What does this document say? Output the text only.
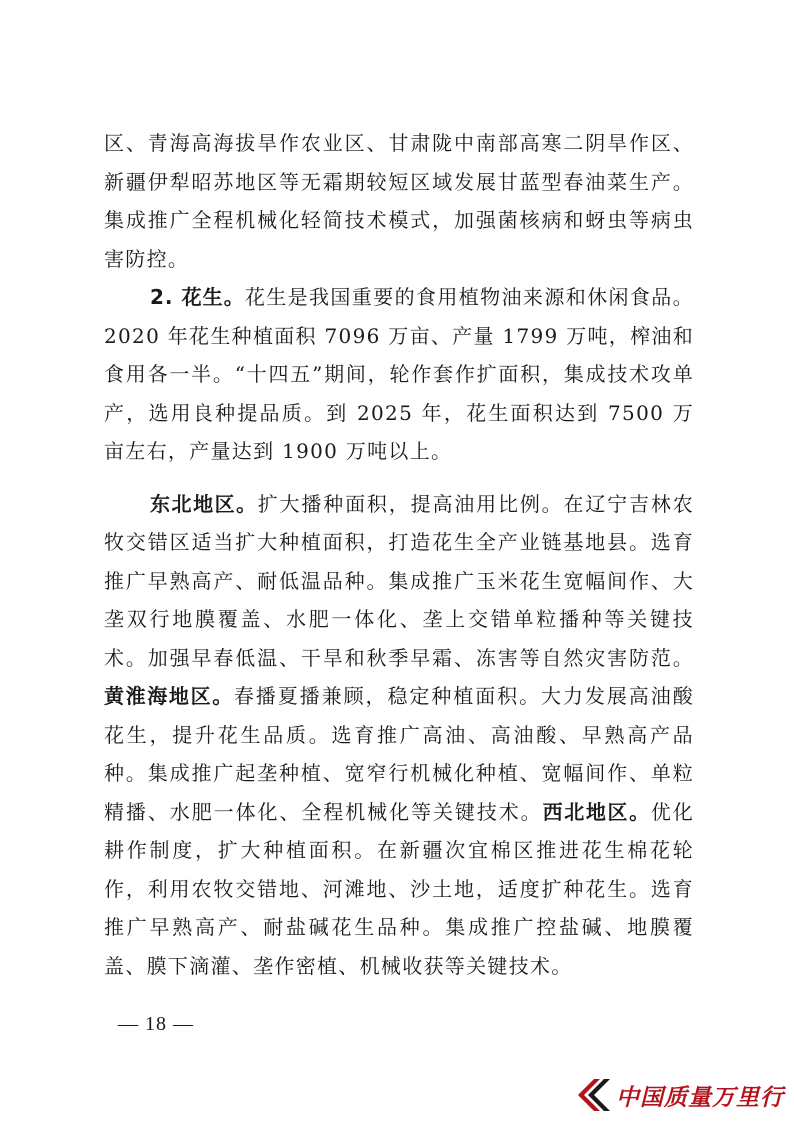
区、青海高海拔旱作农业区、甘肃陇中南部高寒二阴旱作区、新疆伊犁昭苏地区等无霜期较短区域发展甘蓝型春油菜生产。集成推广全程机械化轻简技术模式，加强菌核病和蚜虫等病虫害防控。

2. 花生。花生是我国重要的食用植物油来源和休闲食品。2020 年花生种植面积 7096 万亩、产量 1799 万吨，榨油和食用各一半。“十四五”期间，轮作套作扩面积，集成技术攻单产，选用良种提品质。到 2025 年，花生面积达到 7500 万亩左右，产量达到 1900 万吨以上。

东北地区。扩大播种面积，提高油用比例。在辽宁吉林农牧交错区适当扩大种植面积，打造花生全产业链基地县。选育推广早熟高产、耐低温品种。集成推广玉米花生宽幅间作、大垄双行地膜覆盖、水肥一体化、垄上交错单粒播种等关键技术。加强早春低温、干旱和秋季早霜、冻害等自然灾害防范。黄淮海地区。春播夏播兼顾，稳定种植面积。大力发展高油酸花生，提升花生品质。选育推广高油、高油酸、早熟高产品种。集成推广起垄种植、宽窄行机械化种植、宽幅间作、单粒精播、水肥一体化、全程机械化等关键技术。西北地区。优化耕作制度，扩大种植面积。在新疆次宜棉区推进花生棉花轮作，利用农牧交错地、河滩地、沙土地，适度扩种花生。选育推广早熟高产、耐盐碱花生品种。集成推广控盐碱、地膜覆盖、膜下滴灌、垄作密植、机械收获等关键技术。

— 18 —
中国质量万里行
